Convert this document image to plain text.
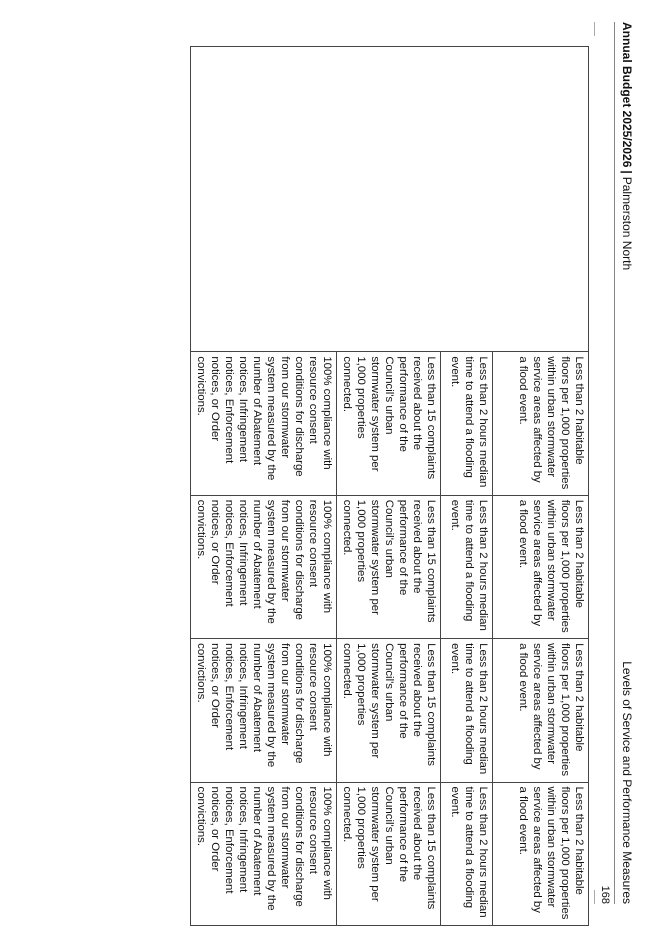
Annual Budget 2025/2026|Palmerston North
Levels of Service and Performance Measures
168
	Less than 2 habitable floors per 1,000 properties within urban stormwater service areas affected by a flood event.	Less than 2 habitable floors per 1,000 properties within urban stormwater service areas affected by a flood event.	Less than 2 habitable floors per 1,000 properties within urban stormwater service areas affected by a flood event.	Less than 2 habitable floors per 1,000 properties within urban stormwater service areas affected by a flood event.
	Less than 2 hours median time to attend a flooding event.	Less than 2 hours median time to attend a flooding event.	Less than 2 hours median time to attend a flooding event.	Less than 2 hours median time to attend a flooding event.
	Less than 15 complaints received about the performance of the Council's urban stormwater system per 1,000 properties connected.	Less than 15 complaints received about the performance of the Council's urban stormwater system per 1,000 properties connected.	Less than 15 complaints received about the performance of the Council's urban stormwater system per 1,000 properties connected.	Less than 15 complaints received about the performance of the Council's urban stormwater system per 1,000 properties connected.
	100% compliance with resource consent conditions for discharge from our stormwater system measured by the number of Abatement notices, Infringement notices, Enforcement notices, or Order convictions.	100% compliance with resource consent conditions for discharge from our stormwater system measured by the number of Abatement notices, Infringement notices, Enforcement notices, or Order convictions.	100% compliance with resource consent conditions for discharge from our stormwater system measured by the number of Abatement notices, Infringement notices, Enforcement notices, or Order convictions.	100% compliance with resource consent conditions for discharge from our stormwater system measured by the number of Abatement notices, Infringement notices, Enforcement notices, or Order convictions.
